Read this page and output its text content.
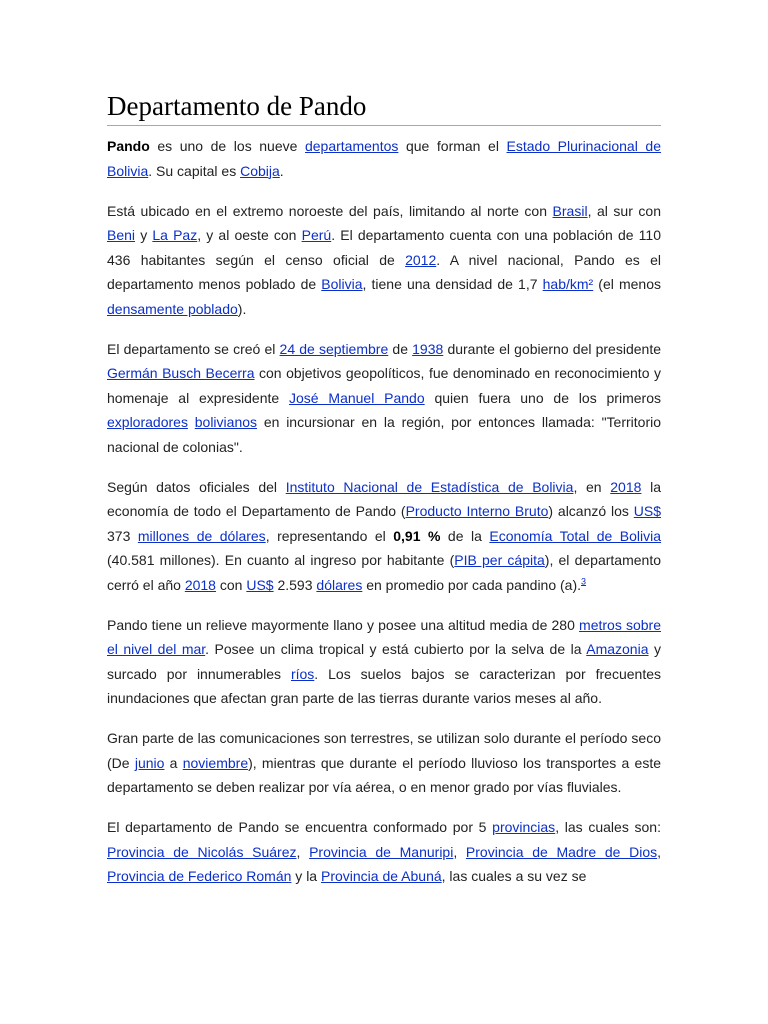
Departamento de Pando

Pando es uno de los nueve departamentos que forman el Estado Plurinacional de Bolivia. Su capital es Cobija.

Está ubicado en el extremo noroeste del país, limitando al norte con Brasil, al sur con Beni y La Paz, y al oeste con Perú. El departamento cuenta con una población de 110 436 habitantes según el censo oficial de 2012. A nivel nacional, Pando es el departamento menos poblado de Bolivia, tiene una densidad de 1,7 hab/km² (el menos densamente poblado).

El departamento se creó el 24 de septiembre de 1938 durante el gobierno del presidente Germán Busch Becerra con objetivos geopolíticos, fue denominado en reconocimiento y homenaje al expresidente José Manuel Pando quien fuera uno de los primeros exploradores bolivianos en incursionar en la región, por entonces llamada: "Territorio nacional de colonias".

Según datos oficiales del Instituto Nacional de Estadística de Bolivia, en 2018 la economía de todo el Departamento de Pando (Producto Interno Bruto) alcanzó los US$ 373 millones de dólares, representando el 0,91 % de la Economía Total de Bolivia (40.581 millones). En cuanto al ingreso por habitante (PIB per cápita), el departamento cerró el año 2018 con US$ 2.593 dólares en promedio por cada pandino (a).$^3$

Pando tiene un relieve mayormente llano y posee una altitud media de 280 metros sobre el nivel del mar. Posee un clima tropical y está cubierto por la selva de la Amazonia y surcado por innumerables ríos. Los suelos bajos se caracterizan por frecuentes inundaciones que afectan gran parte de las tierras durante varios meses al año.

Gran parte de las comunicaciones son terrestres, se utilizan solo durante el período seco (De junio a noviembre), mientras que durante el período lluvioso los transportes a este departamento se deben realizar por vía aérea, o en menor grado por vías fluviales.

El departamento de Pando se encuentra conformado por 5 provincias, las cuales son: Provincia de Nicolás Suárez, Provincia de Manuripi, Provincia de Madre de Dios, Provincia de Federico Román y la Provincia de Abuná, las cuales a su vez se
